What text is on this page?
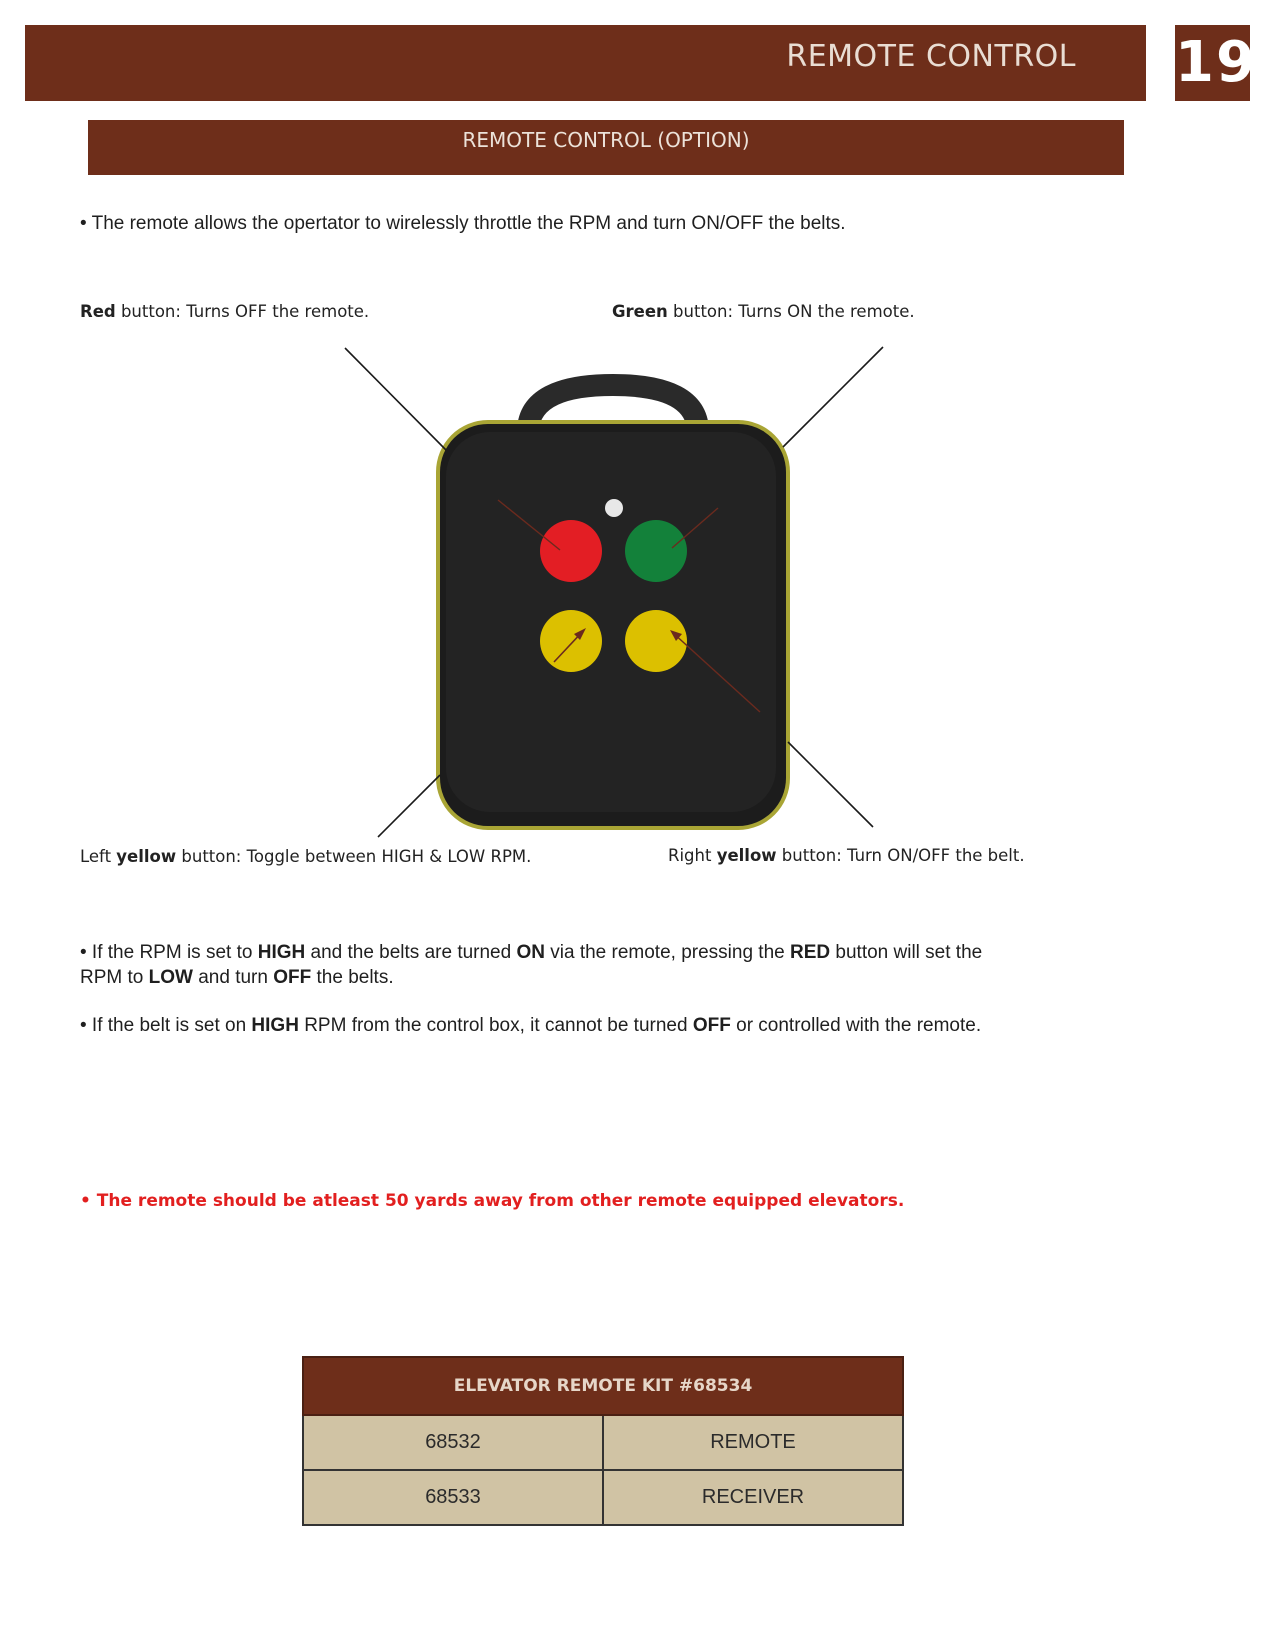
REMOTE CONTROL 19
REMOTE CONTROL (OPTION)
• The remote allows the opertator to wirelessly throttle the RPM and turn ON/OFF the belts.
Red button: Turns OFF the remote.	Green button: Turns ON the remote.
Left yellow button: Toggle between HIGH & LOW RPM.	Right yellow button: Turn ON/OFF the belt.
• If the RPM is set to HIGH and the belts are turned ON via the remote, pressing the RED button will set the
RPM to LOW and turn OFF the belts.
• If the belt is set on HIGH RPM from the control box, it cannot be turned OFF or controlled with the remote.
• The remote should be atleast 50 yards away from other remote equipped elevators.
ELEVATOR REMOTE KIT #68534	
68532	REMOTE
68533	RECEIVER
